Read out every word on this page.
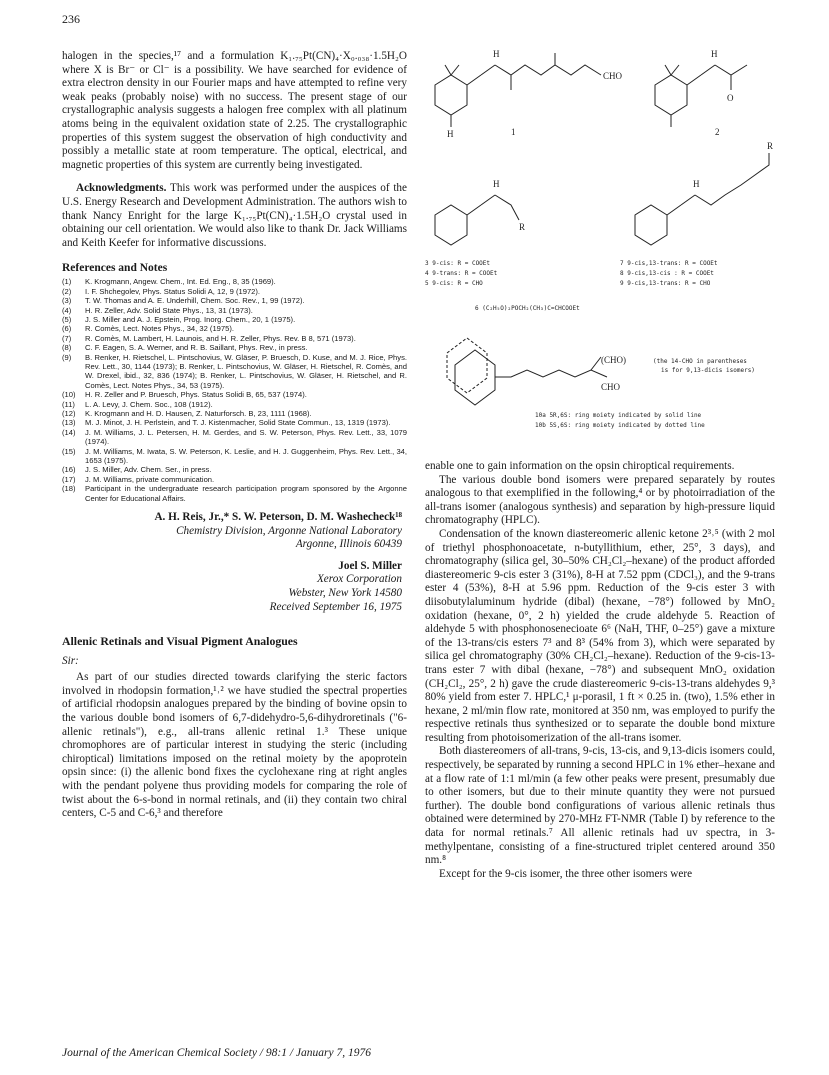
236

halogen in the species,¹⁷ and a formulation K₁.₇₅Pt(CN)₄·X₀.₀₃₈·1.5H₂O where X is Br⁻ or Cl⁻ is a possibility. We have searched for evidence of extra electron density in our Fourier maps and have attempted to refine very weak peaks (probably noise) with no success. The present stage of our crystallographic analysis suggests a halogen free complex with all platinum atoms being in the equivalent oxidation state of 2.25. The crystallographic properties of this system suggest the observation of high conductivity and possibly a metallic state at room temperature. The optical, electrical, and magnetic properties of this system are currently being investigated.

Acknowledgments. This work was performed under the auspices of the U.S. Energy Research and Development Administration. The authors wish to thank Nancy Enright for the large K₁.₇₅Pt(CN)₄·1.5H₂O crystal used in obtaining our cell orientation. We would also like to thank Dr. Jack Williams and Keith Keefer for informative discussions.

References and Notes
(1)	K. Krogmann, Angew. Chem., Int. Ed. Eng., 8, 35 (1969).
(2)	I. F. Shchegolev, Phys. Status Solidi A, 12, 9 (1972).
(3)	T. W. Thomas and A. E. Underhill, Chem. Soc. Rev., 1, 99 (1972).
(4)	H. R. Zeller, Adv. Solid State Phys., 13, 31 (1973).
(5)	J. S. Miller and A. J. Epstein, Prog. Inorg. Chem., 20, 1 (1975).
(6)	R. Comès, Lect. Notes Phys., 34, 32 (1975).
(7)	R. Comès, M. Lambert, H. Launois, and H. R. Zeller, Phys. Rev. B 8, 571 (1973).
(8)	C. F. Eagen, S. A. Werner, and R. B. Saillant, Phys. Rev., in press.
(9)	B. Renker, H. Rietschel, L. Pintschovius, W. Gläser, P. Bruesch, D. Kuse, and M. J. Rice, Phys. Rev. Lett., 30, 1144 (1973); B. Renker, L. Pintschovius, W. Gläser, H. Rietschel, R. Comès, and W. Drexel, ibid., 32, 836 (1974); B. Renker, L. Pintschovius, W. Gläser, H. Rietschel, and R. Comès, Lect. Notes Phys., 34, 53 (1975).
(10)	H. R. Zeller and P. Bruesch, Phys. Status Solidi B, 65, 537 (1974).
(11)	L. A. Levy, J. Chem. Soc., 108 (1912).
(12)	K. Krogmann and H. D. Hausen, Z. Naturforsch. B, 23, 1111 (1968).
(13)	M. J. Minot, J. H. Perlstein, and T. J. Kistenmacher, Solid State Commun., 13, 1319 (1973).
(14)	J. M. Williams, J. L. Petersen, H. M. Gerdes, and S. W. Peterson, Phys. Rev. Lett., 33, 1079 (1974).
(15)	J. M. Williams, M. Iwata, S. W. Peterson, K. Leslie, and H. J. Guggenheim, Phys. Rev. Lett., 34, 1653 (1975).
(16)	J. S. Miller, Adv. Chem. Ser., in press.
(17)	J. M. Williams, private communication.
(18)	Participant in the undergraduate research participation program sponsored by the Argonne Center for Educational Affairs.
A. H. Reis, Jr.,* S. W. Peterson, D. M. Washecheck¹⁸
Chemistry Division, Argonne National Laboratory
Argonne, Illinois 60439
Joel S. Miller
Xerox Corporation
Webster, New York 14580
Received September 16, 1975
Allenic Retinals and Visual Pigment Analogues
Sir:

As part of our studies directed towards clarifying the steric factors involved in rhodopsin formation,¹˒² we have studied the spectral properties of artificial rhodopsin analogues prepared by the binding of bovine opsin to the various double bond isomers of 6,7-didehydro-5,6-dihydroretinals ("6-allenic retinals"), e.g., all-trans allenic retinal 1.³ These unique chromophores are of particular interest in studying the steric (including chiroptical) limitations imposed on the retinal moiety by the apoprotein opsin since: (i) the allenic bond fixes the cyclohexane ring at right angles with the pendant polyene thus providing models for comparing the role of twist about the 6-s-bond in normal retinals, and (ii) they contain two chiral centers, C-5 and C-6,³ and therefore

H
H
CHO
1
H
O
2
H
R
3 9-cis: R = COOEt
4 9-trans: R = COOEt
5 9-cis: R = CHO
H
R
7 9-cis,13-trans: R = COOEt
8 9-cis,13-cis : R = COOEt
9 9-cis,13-trans: R = CHO
6 (C₂H₅O)₂POCH₂(CH₃)C=CHCOOEt
(CHO)
CHO
(the 14-CHO in parentheses
is for 9,13-dicis isomers)
10a 5R,6S: ring moiety indicated by solid line
10b 5S,6S: ring moiety indicated by dotted line

enable one to gain information on the opsin chiroptical requirements.

The various double bond isomers were prepared separately by routes analogous to that exemplified in the following,⁴ or by photoirradiation of the all-trans isomer (analogous synthesis) and separation by high-pressure liquid chromatography (HPLC).

Condensation of the known diastereomeric allenic ketone 2³˒⁵ (with 2 mol of triethyl phosphonoacetate, n-butyllithium, ether, 25°, 3 days), and chromatography (silica gel, 30–50% CH₂Cl₂–hexane) of the product afforded diastereomeric 9-cis ester 3 (31%), 8-H at 7.52 ppm (CDCl₃), and the 9-trans ester 4 (53%), 8-H at 5.96 ppm. Reduction of the 9-cis ester 3 with diisobutylaluminum hydride (dibal) (hexane, −78°) followed by MnO₂ oxidation (hexane, 0°, 2 h) yielded the crude aldehyde 5. Reaction of aldehyde 5 with phosphonosenecioate 6⁶ (NaH, THF, 0–25°) gave a mixture of the 13-trans/cis esters 7³ and 8³ (54% from 3), which were separated by silica gel chromatography (30% CH₂Cl₂–hexane). Reduction of the 9-cis-13-trans ester 7 with dibal (hexane, −78°) and subsequent MnO₂ oxidation (CH₂Cl₂, 25°, 2 h) gave the crude diastereomeric 9-cis-13-trans aldehydes 9,³ 80% yield from ester 7. HPLC,¹ μ-porasil, 1 ft × 0.25 in. (two), 1.5% ether in hexane, 2 ml/min flow rate, monitored at 350 nm, was employed to purify the respective retinals thus synthesized or to separate the double bond mixture resulting from photoisomerization of the all-trans isomer.

Both diastereomers of all-trans, 9-cis, 13-cis, and 9,13-dicis isomers could, respectively, be separated by running a second HPLC in 1% ether–hexane and at a flow rate of 1:1 ml/min (a few other peaks were present, presumably due to other isomers, but due to their minute quantity they were not pursued further). The double bond configurations of various allenic retinals thus obtained were determined by 270-MHz FT-NMR (Table I) by reference to the data for normal retinals.⁷ All allenic retinals had uv spectra, in 3-methylpentane, consisting of a fine-structured triplet centered around 350 nm.⁸

Except for the 9-cis isomer, the three other isomers were

Journal of the American Chemical Society / 98:1 / January 7, 1976
